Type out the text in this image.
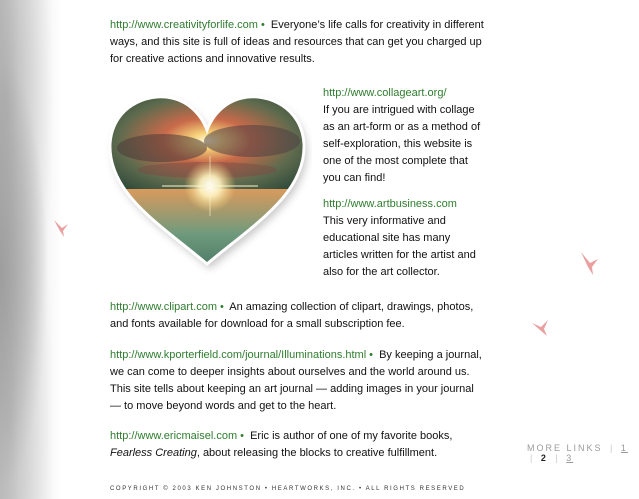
http://www.creativityforlife.com • Everyone’s life calls for creativity in different ways, and this site is full of ideas and resources that can get you charged up for creative actions and innovative results.
http://www.collageart.org/
If you are intrigued with collage as an art-form or as a method of self-exploration, this website is one of the most complete that you can find!
http://www.artbusiness.com
This very informative and educational site has many articles written for the artist and also for the art collector.
http://www.clipart.com • An amazing collection of clipart, drawings, photos, and fonts available for download for a small subscription fee.
http://www.kporterfield.com/journal/Illuminations.html • By keeping a journal, we can come to deeper insights about ourselves and the world around us. This site tells about keeping an art journal — adding images in your journal — to move beyond words and get to the heart.
http://www.ericmaisel.com • Eric is author of one of my favorite books, Fearless Creating, about releasing the blocks to creative fulfillment.	MORE LINKS | 1 | 2 | 3
COPYRIGHT © 2003 KEN JOHNSTON • HEARTWORKS, INC. • ALL RIGHTS RESERVED
